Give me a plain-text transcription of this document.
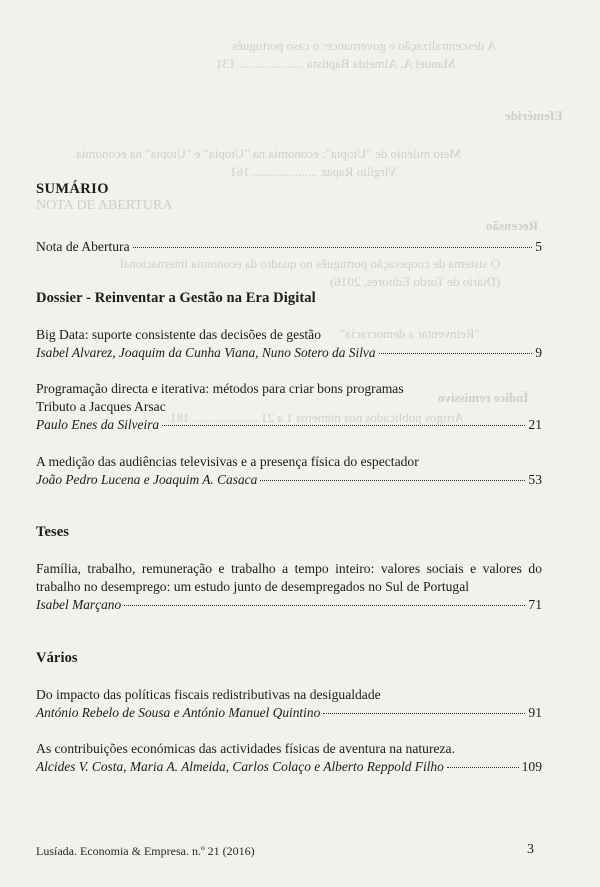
A descentralização e governance: o caso português
Manuel A. Almeida Baptista .................... 131
Efeméride
Meio milénio de "Utopia": economia na "Utopia" e "Utopia" na economia
Virgílio Rapaz .................... 161
NOTA DE ABERTURA
Recensão
O sistema de cooperação português no quadro da economia internacional
(Diário de Tordo Editores, 2016)
"Reinventar a democracia"
Índice remissivo
Artigos publicados nos números 1 a 21 .................... 181
SUMÁRIO
Nota de Abertura	5
Dossier - Reinventar a Gestão na Era Digital
Big Data: suporte consistente das decisões de gestão
Isabel Alvarez, Joaquim da Cunha Viana, Nuno Sotero da Silva	9
Programação directa e iterativa: métodos para criar bons programas
Tributo a Jacques Arsac
Paulo Enes da Silveira	21
A medição das audiências televisivas e a presença física do espectador
João Pedro Lucena e Joaquim A. Casaca	53
Teses
Família, trabalho, remuneração e trabalho a tempo inteiro: valores sociais e valores do trabalho no desemprego: um estudo junto de desempregados no Sul de Portugal
Isabel Marçano	71
Vários
Do impacto das políticas fiscais redistributivas na desigualdade
António Rebelo de Sousa e António Manuel Quintino	91
As contribuições económicas das actividades físicas de aventura na natureza.
Alcides V. Costa, Maria A. Almeida, Carlos Colaço e Alberto Reppold Filho	109
Lusíada. Economia & Empresa. n.º 21 (2016)	3
